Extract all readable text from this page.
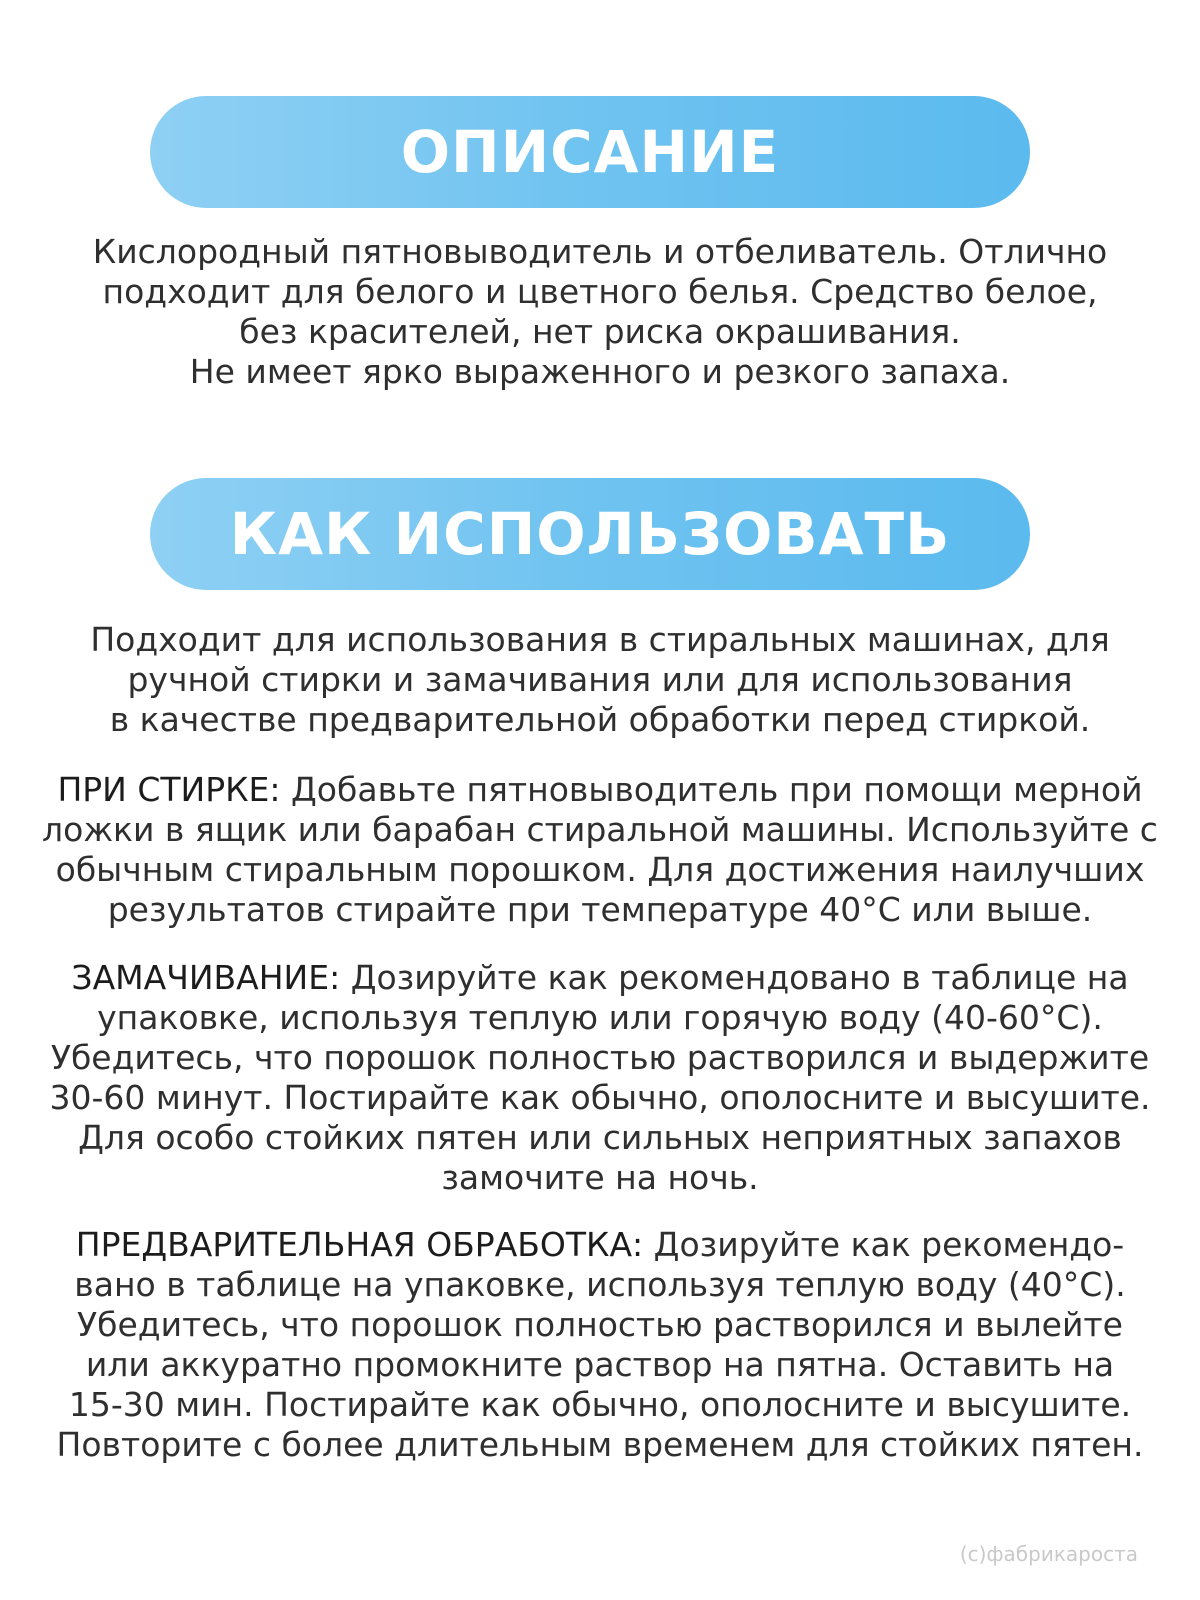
ОПИСАНИЕ
Кислородный пятновыводитель и отбеливатель. Отлично
подходит для белого и цветного белья. Средство белое,
без красителей, нет риска окрашивания.
Не имеет ярко выраженного и резкого запаха.
КАК ИСПОЛЬЗОВАТЬ
Подходит для использования в стиральных машинах, для
ручной стирки и замачивания или для использования
в качестве предварительной обработки перед стиркой.
ПРИ СТИРКЕ: Добавьте пятновыводитель при помощи мерной
ложки в ящик или барабан стиральной машины. Используйте с
обычным стиральным порошком. Для достижения наилучших
результатов стирайте при температуре 40°С или выше.
ЗАМАЧИВАНИЕ: Дозируйте как рекомендовано в таблице на
упаковке, используя теплую или горячую воду (40-60°С).
Убедитесь, что порошок полностью растворился и выдержите
30-60 минут. Постирайте как обычно, ополосните и высушите.
Для особо стойких пятен или сильных неприятных запахов
замочите на ночь.
ПРЕДВАРИТЕЛЬНАЯ ОБРАБОТКА: Дозируйте как рекомендо-
вано в таблице на упаковке, используя теплую воду (40°С).
Убедитесь, что порошок полностью растворился и вылейте
или аккуратно промокните раствор на пятна. Оставить на
15-30 мин. Постирайте как обычно, ополосните и высушите.
Повторите с более длительным временем для стойких пятен.
(с)фабрикароста
